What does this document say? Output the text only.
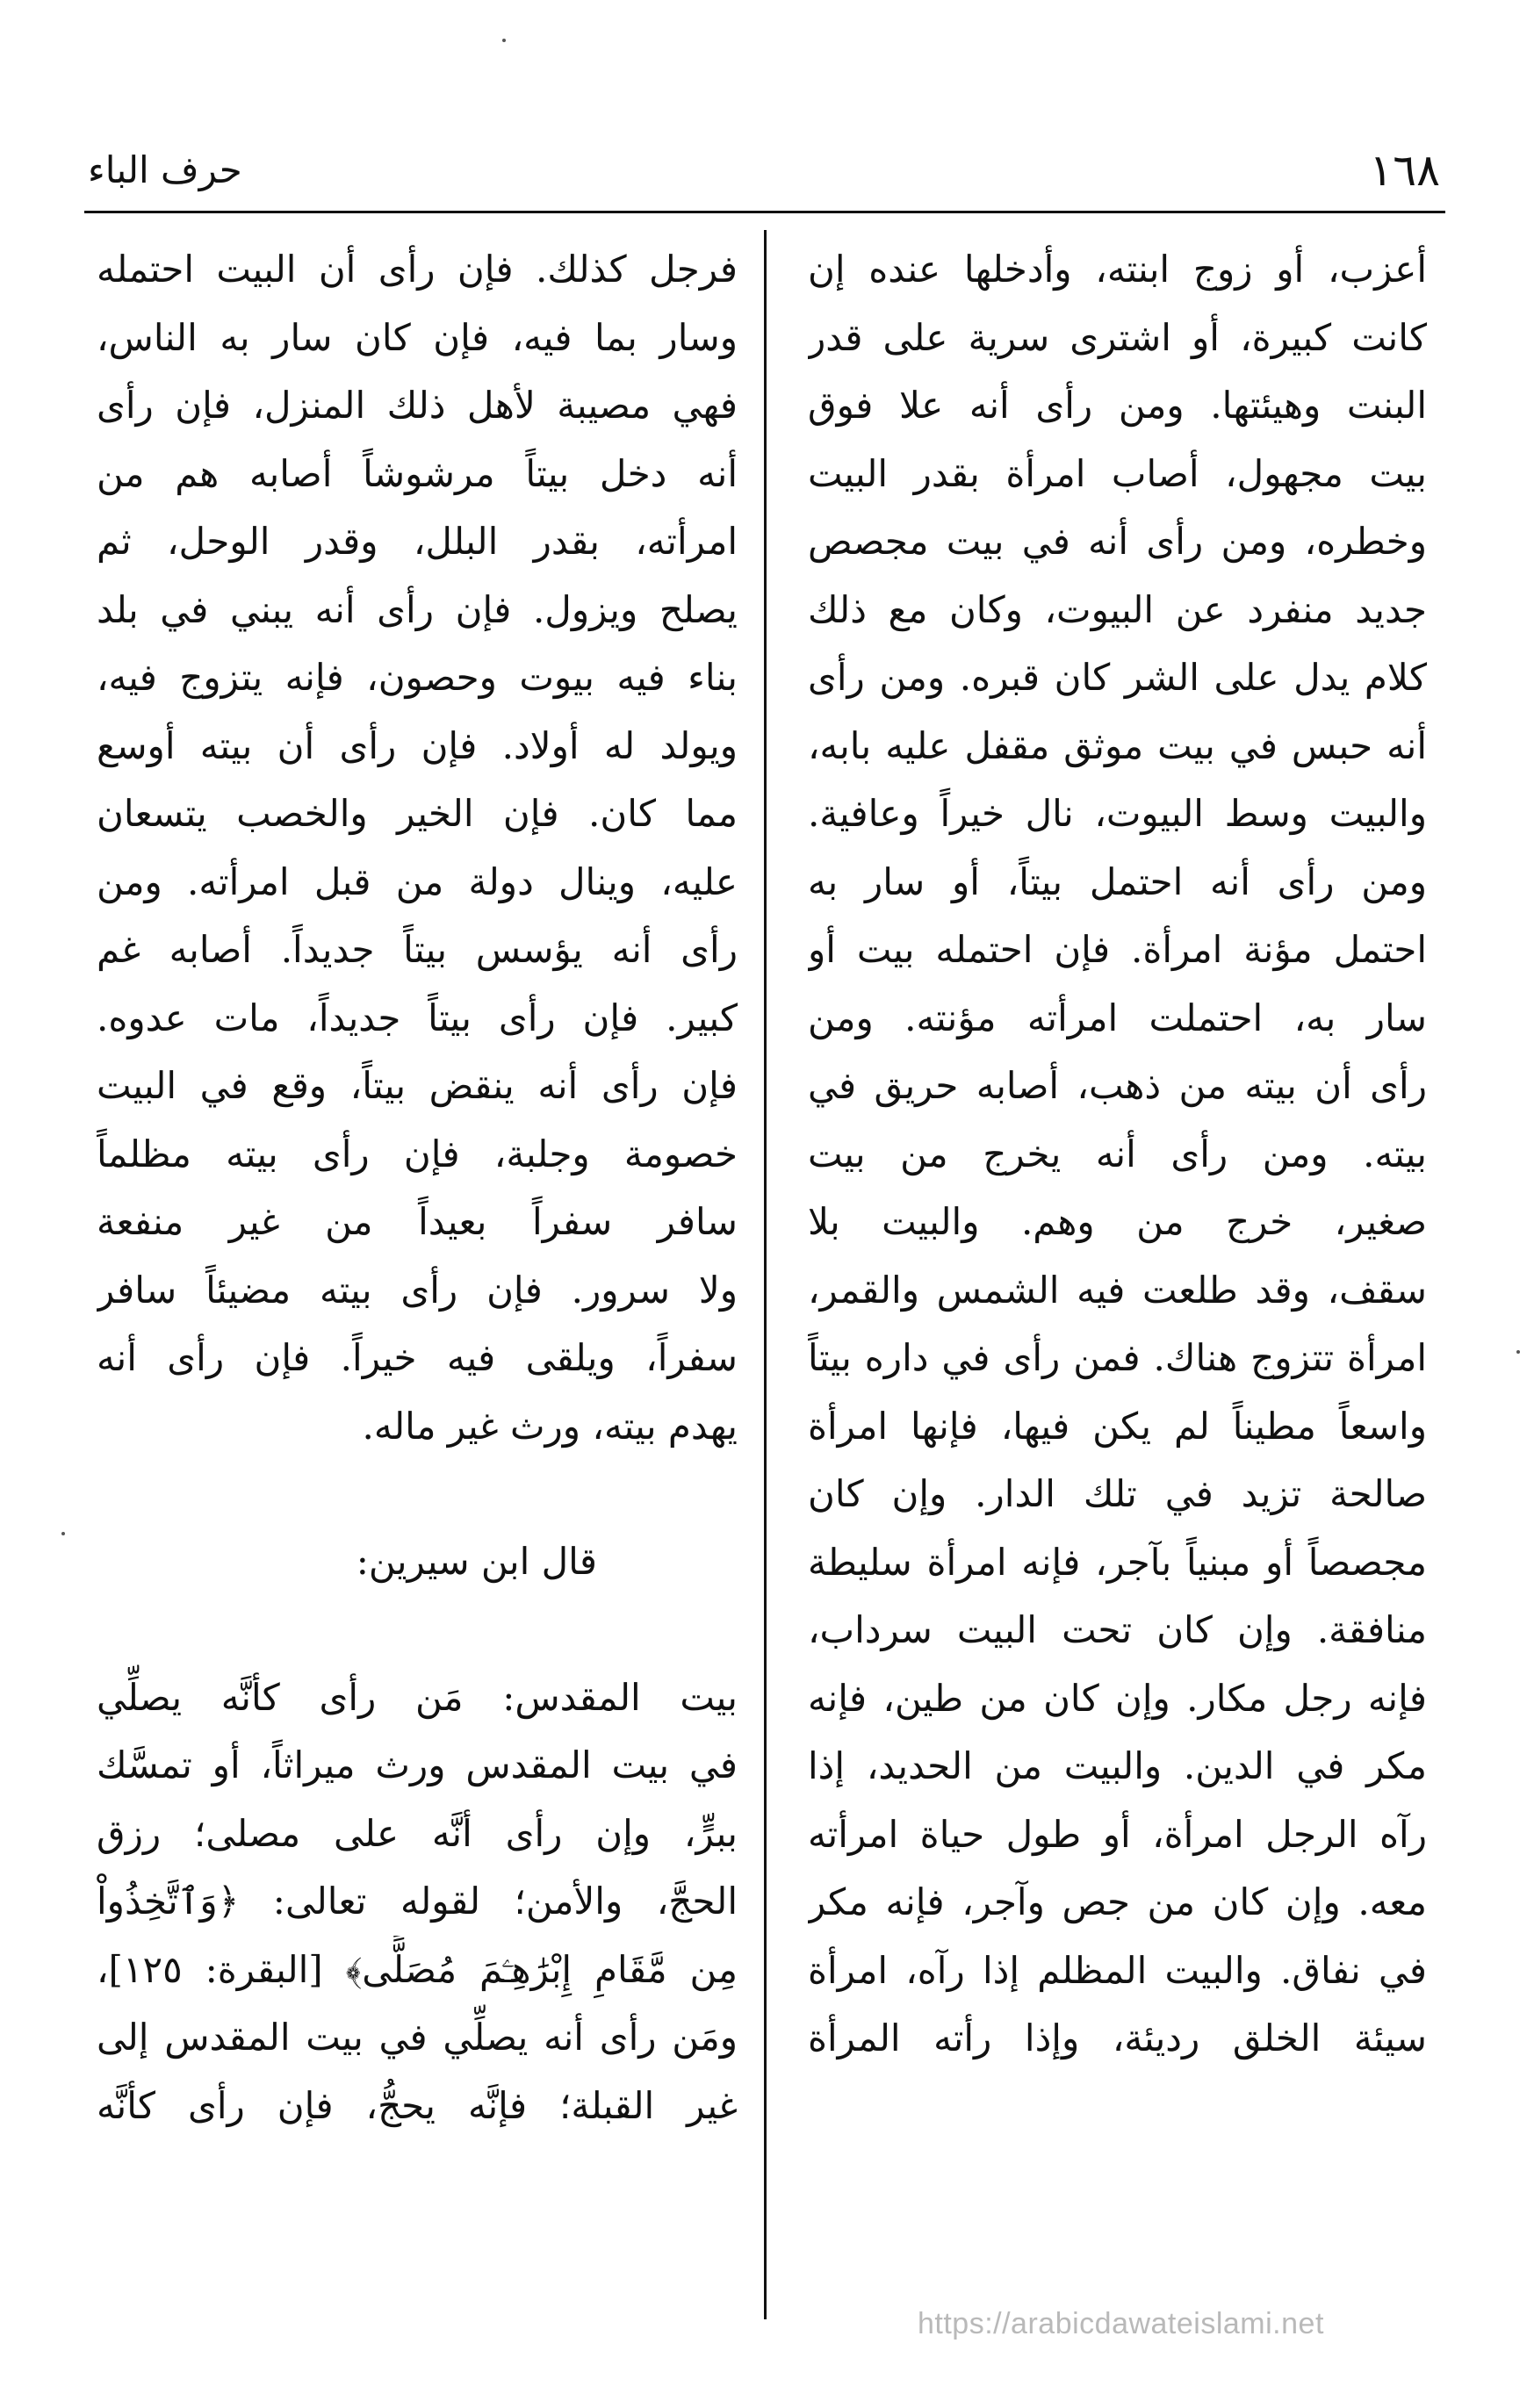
١٦٨
حرف الباء
أعزب، أو زوج ابنته، وأدخلها عنده إن
كانت كبيرة، أو اشترى سرية على قدر
البنت وهيئتها. ومن رأى أنه علا فوق
بيت مجهول، أصاب امرأة بقدر البيت
وخطره، ومن رأى أنه في بيت مجصص
جديد منفرد عن البيوت، وكان مع ذلك
كلام يدل على الشر كان قبره. ومن رأى
أنه حبس في بيت موثق مقفل عليه بابه،
والبيت وسط البيوت، نال خيراً وعافية.
ومن رأى أنه احتمل بيتاً، أو سار به
احتمل مؤنة امرأة. فإن احتمله بيت أو
سار به، احتملت امرأته مؤنته. ومن
رأى أن بيته من ذهب، أصابه حريق في
بيته. ومن رأى أنه يخرج من بيت
صغير، خرج من وهم. والبيت بلا
سقف، وقد طلعت فيه الشمس والقمر،
امرأة تتزوج هناك. فمن رأى في داره بيتاً
واسعاً مطيناً لم يكن فيها، فإنها امرأة
صالحة تزيد في تلك الدار. وإن كان
مجصصاً أو مبنياً بآجر، فإنه امرأة سليطة
منافقة. وإن كان تحت البيت سرداب،
فإنه رجل مكار. وإن كان من طين، فإنه
مكر في الدين. والبيت من الحديد، إذا
رآه الرجل امرأة، أو طول حياة امرأته
معه. وإن كان من جص وآجر، فإنه مكر
في نفاق. والبيت المظلم إذا رآه، امرأة
سيئة الخلق رديئة، وإذا رأته المرأة
فرجل كذلك. فإن رأى أن البيت احتمله
وسار بما فيه، فإن كان سار به الناس،
فهي مصيبة لأهل ذلك المنزل، فإن رأى
أنه دخل بيتاً مرشوشاً أصابه هم من
امرأته، بقدر البلل، وقدر الوحل، ثم
يصلح ويزول. فإن رأى أنه يبني في بلد
بناء فيه بيوت وحصون، فإنه يتزوج فيه،
ويولد له أولاد. فإن رأى أن بيته أوسع
مما كان. فإن الخير والخصب يتسعان
عليه، وينال دولة من قبل امرأته. ومن
رأى أنه يؤسس بيتاً جديداً. أصابه غم
كبير. فإن رأى بيتاً جديداً، مات عدوه.
فإن رأى أنه ينقض بيتاً، وقع في البيت
خصومة وجلبة، فإن رأى بيته مظلماً
سافر سفراً بعيداً من غير منفعة
ولا سرور. فإن رأى بيته مضيئاً سافر
سفراً، ويلقى فيه خيراً. فإن رأى أنه
يهدم بيته، ورث غير ماله.
قال ابن سيرين:
بيت المقدس: مَن رأى كأنَّه يصلِّي
في بيت المقدس ورث ميراثاً، أو تمسَّك
ببرٍّ، وإن رأى أنَّه على مصلى؛ رزق
الحجَّ، والأمن؛ لقوله تعالى: ﴿وَٱتَّخِذُواْ
مِن مَّقَامِ إِبْرَٰهِـۧمَ مُصَلًّى﴾ [البقرة: ١٢٥]،
ومَن رأى أنه يصلِّي في بيت المقدس إلى
غير القبلة؛ فإنَّه يحجُّ، فإن رأى كأنَّه
https://arabicdawateislami.net
